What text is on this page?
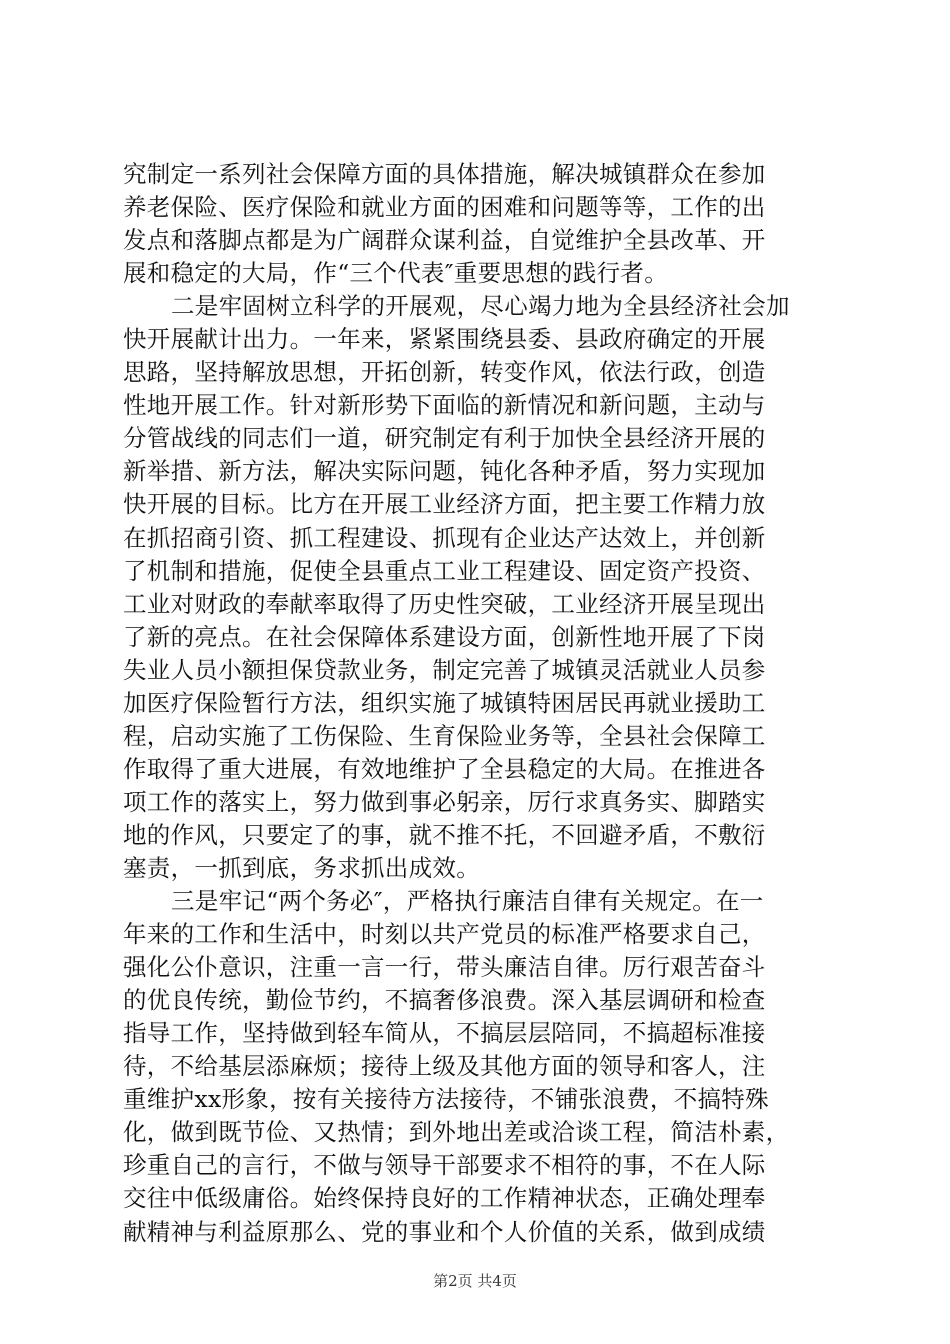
究制定一系列社会保障方面的具体措施，解决城镇群众在参加
养老保险、医疗保险和就业方面的困难和问题等等，工作的出
发点和落脚点都是为广阔群众谋利益，自觉维护全县改革、开
展和稳定的大局，作“三个代表″重要思想的践行者。
二是牢固树立科学的开展观，尽心竭力地为全县经济社会加
快开展献计出力。一年来，紧紧围绕县委、县政府确定的开展
思路，坚持解放思想，开拓创新，转变作风，依法行政，创造
性地开展工作。针对新形势下面临的新情况和新问题，主动与
分管战线的同志们一道，研究制定有利于加快全县经济开展的
新举措、新方法，解决实际问题，钝化各种矛盾，努力实现加
快开展的目标。比方在开展工业经济方面，把主要工作精力放
在抓招商引资、抓工程建设、抓现有企业达产达效上，并创新
了机制和措施，促使全县重点工业工程建设、固定资产投资、
工业对财政的奉献率取得了历史性突破，工业经济开展呈现出
了新的亮点。在社会保障体系建设方面，创新性地开展了下岗
失业人员小额担保贷款业务，制定完善了城镇灵活就业人员参
加医疗保险暂行方法，组织实施了城镇特困居民再就业援助工
程，启动实施了工伤保险、生育保险业务等，全县社会保障工
作取得了重大进展，有效地维护了全县稳定的大局。在推进各
项工作的落实上，努力做到事必躬亲，厉行求真务实、脚踏实
地的作风，只要定了的事，就不推不托，不回避矛盾，不敷衍
塞责，一抓到底，务求抓出成效。
三是牢记“两个务必″，严格执行廉洁自律有关规定。在一
年来的工作和生活中，时刻以共产党员的标准严格要求自己，
强化公仆意识，注重一言一行，带头廉洁自律。厉行艰苦奋斗
的优良传统，勤俭节约，不搞奢侈浪费。深入基层调研和检查
指导工作，坚持做到轻车简从，不搞层层陪同，不搞超标准接
待，不给基层添麻烦；接待上级及其他方面的领导和客人，注
重维护xx形象，按有关接待方法接待，不铺张浪费，不搞特殊
化，做到既节俭、又热情；到外地出差或洽谈工程，简洁朴素，
珍重自己的言行，不做与领导干部要求不相符的事，不在人际
交往中低级庸俗。始终保持良好的工作精神状态，正确处理奉
献精神与利益原那么、党的事业和个人价值的关系，做到成绩
第2页 共4页
